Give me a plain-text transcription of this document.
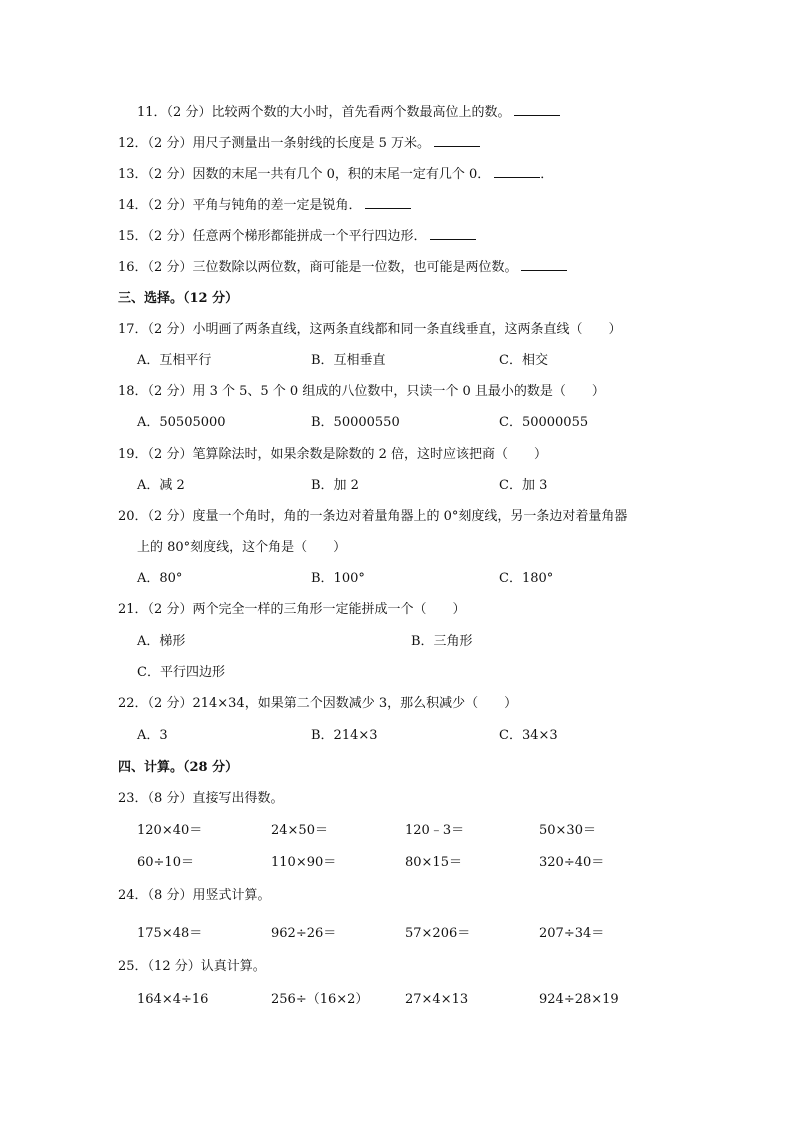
11．（2 分）比较两个数的大小时，首先看两个数最高位上的数。
12．（2 分）用尺子测量出一条射线的长度是 5 万米。
13．（2 分）因数的末尾一共有几个 0，积的末尾一定有几个 0．	．
14．（2 分）平角与钝角的差一定是锐角．
15．（2 分）任意两个梯形都能拼成一个平行四边形．
16．（2 分）三位数除以两位数，商可能是一位数，也可能是两位数。
三、选择。（12 分）
17．（2 分）小明画了两条直线，这两条直线都和同一条直线垂直，这两条直线（　　）
A．互相平行	B．互相垂直	C．相交
18．（2 分）用 3 个 5、5 个 0 组成的八位数中，只读一个 0 且最小的数是（　　）
A．50505000	B．50000550	C．50000055
19．（2 分）笔算除法时，如果余数是除数的 2 倍，这时应该把商（　　）
A．减 2	B．加 2	C．加 3
20．（2 分）度量一个角时，角的一条边对着量角器上的 0°刻度线，另一条边对着量角器
上的 80°刻度线，这个角是（　　）
A．80°	B．100°	C．180°
21．（2 分）两个完全一样的三角形一定能拼成一个（　　）
A．梯形	B．三角形
C．平行四边形
22．（2 分）214×34，如果第二个因数减少 3，那么积减少（　　）
A．3	B．214×3	C．34×3
四、计算。（28 分）
23．（8 分）直接写出得数。
120×40＝	24×50＝	120﹣3＝	50×30＝
60÷10＝	110×90＝	80×15＝	320÷40＝
24．（8 分）用竖式计算。
175×48＝	962÷26＝	57×206＝	207÷34＝
25．（12 分）认真计算。
164×4÷16	256÷（16×2）	27×4×13	924÷28×19
